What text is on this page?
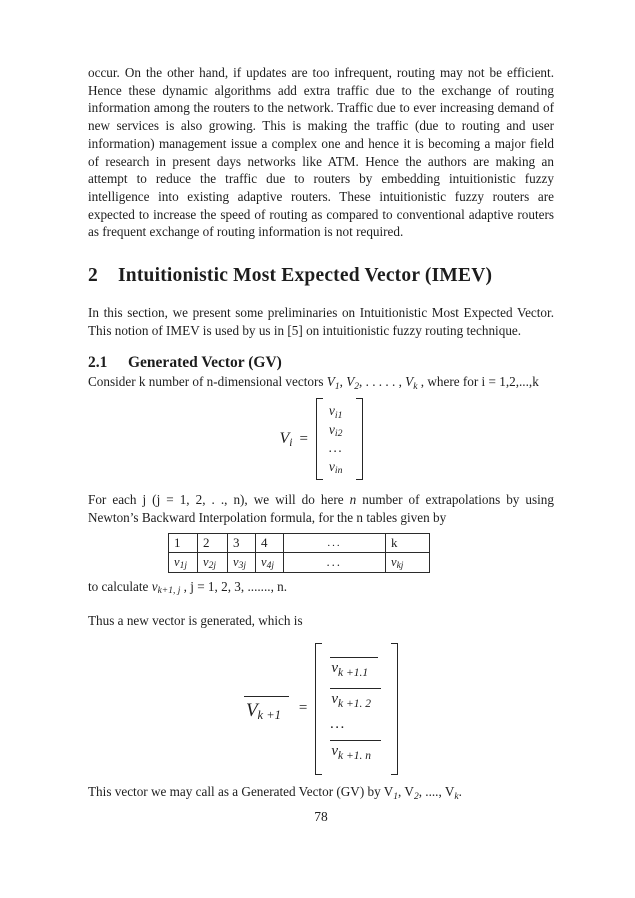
occur. On the other hand, if updates are too infrequent, routing may not be efficient. Hence these dynamic algorithms add extra traffic due to the exchange of routing information among the routers to the network. Traffic due to ever increasing demand of new services is also growing. This is making the traffic (due to routing and user information) management issue a complex one and hence it is becoming a major field of research in present days networks like ATM. Hence the authors are making an attempt to reduce the traffic due to routers by embedding intuitionistic fuzzy intelligence into existing adaptive routers. These intuitionistic fuzzy routers are expected to increase the speed of routing as compared to conventional adaptive routers as frequent exchange of routing information is not required.

2 Intuitionistic Most Expected Vector (IMEV)

In this section, we present some preliminaries on Intuitionistic Most Expected Vector. This notion of IMEV is used by us in [5] on intuitionistic fuzzy routing technique.

2.1 Generated Vector (GV)

Consider k number of n-dimensional vectors $V_1$, $V_2$, . . . . . , $V_k$ , where for i = 1,2,...,k

$V_i$ =
$v_{i1}$
$v_{i2}$
...
$v_{in}$

For each j (j = 1, 2, . ., n), we will do here n number of extrapolations by using Newton’s Backward Interpolation formula, for the n tables given by

1	2	3	4	...	k
$v_{1j}$	$v_{2j}$	$v_{3j}$	$v_{4j}$	...	$v_{kj}$

to calculate $v_{k+1, j}$ , j = 1, 2, 3, ......., n.

Thus a new vector is generated, which is

$V_{k +1}$	=
$v_{k +1.1}$
$v_{k +1. 2}$
...
$v_{k +1. n}$

This vector we may call as a Generated Vector (GV) by $V_1$, $V_2$, ...., $V_k$.

78
